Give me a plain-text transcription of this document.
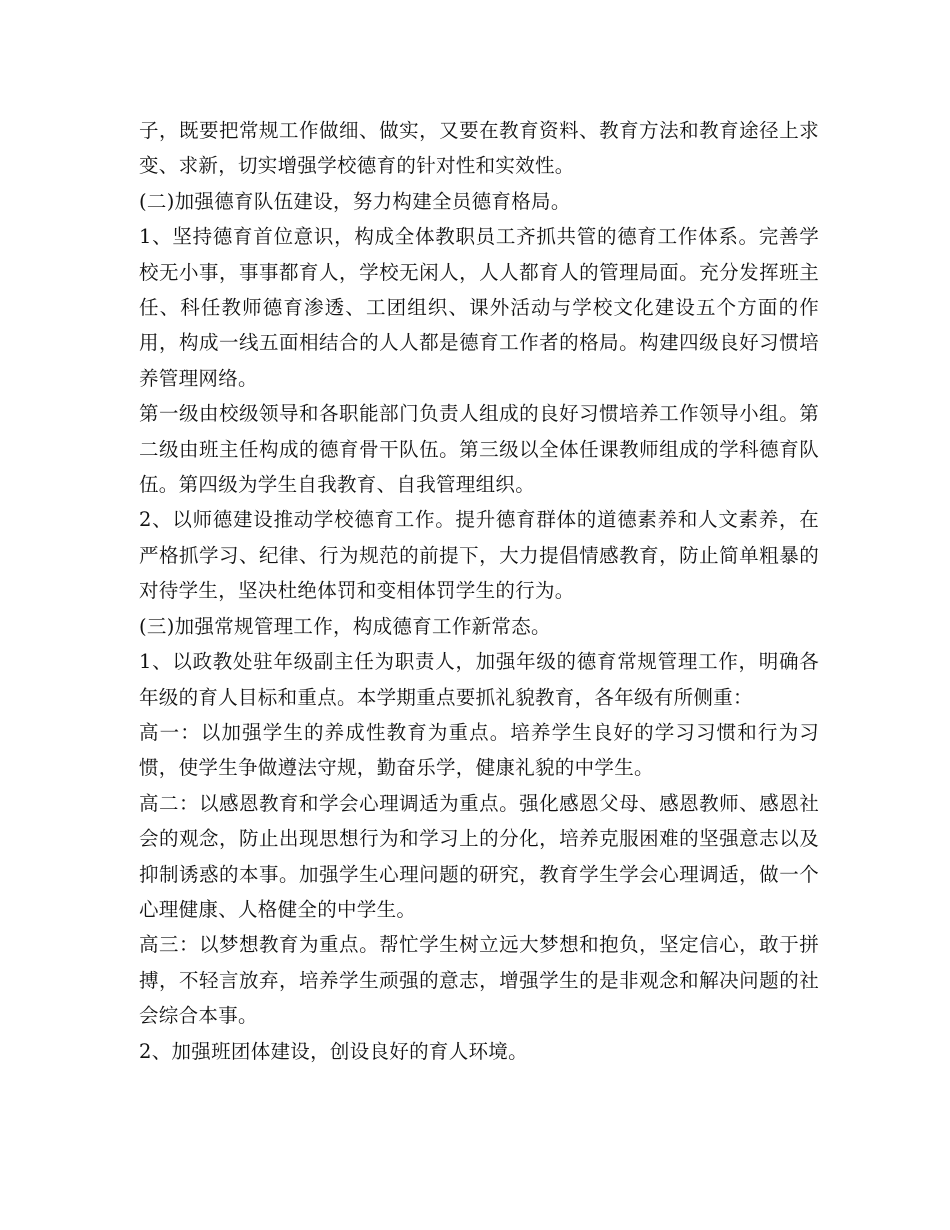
子，既要把常规工作做细、做实，又要在教育资料、教育方法和教育途径上求变、求新，切实增强学校德育的针对性和实效性。

(二)加强德育队伍建设，努力构建全员德育格局。

1、坚持德育首位意识，构成全体教职员工齐抓共管的德育工作体系。完善学校无小事，事事都育人，学校无闲人，人人都育人的管理局面。充分发挥班主任、科任教师德育渗透、工团组织、课外活动与学校文化建设五个方面的作用，构成一线五面相结合的人人都是德育工作者的格局。构建四级良好习惯培养管理网络。

第一级由校级领导和各职能部门负责人组成的良好习惯培养工作领导小组。第二级由班主任构成的德育骨干队伍。第三级以全体任课教师组成的学科德育队伍。第四级为学生自我教育、自我管理组织。

2、以师德建设推动学校德育工作。提升德育群体的道德素养和人文素养，在严格抓学习、纪律、行为规范的前提下，大力提倡情感教育，防止简单粗暴的对待学生，坚决杜绝体罚和变相体罚学生的行为。

(三)加强常规管理工作，构成德育工作新常态。

1、以政教处驻年级副主任为职责人，加强年级的德育常规管理工作，明确各年级的育人目标和重点。本学期重点要抓礼貌教育，各年级有所侧重：

高一：以加强学生的养成性教育为重点。培养学生良好的学习习惯和行为习惯，使学生争做遵法守规，勤奋乐学，健康礼貌的中学生。

高二：以感恩教育和学会心理调适为重点。强化感恩父母、感恩教师、感恩社会的观念，防止出现思想行为和学习上的分化，培养克服困难的坚强意志以及抑制诱惑的本事。加强学生心理问题的研究，教育学生学会心理调适，做一个心理健康、人格健全的中学生。

高三：以梦想教育为重点。帮忙学生树立远大梦想和抱负，坚定信心，敢于拼搏，不轻言放弃，培养学生顽强的意志，增强学生的是非观念和解决问题的社会综合本事。

2、加强班团体建设，创设良好的育人环境。
